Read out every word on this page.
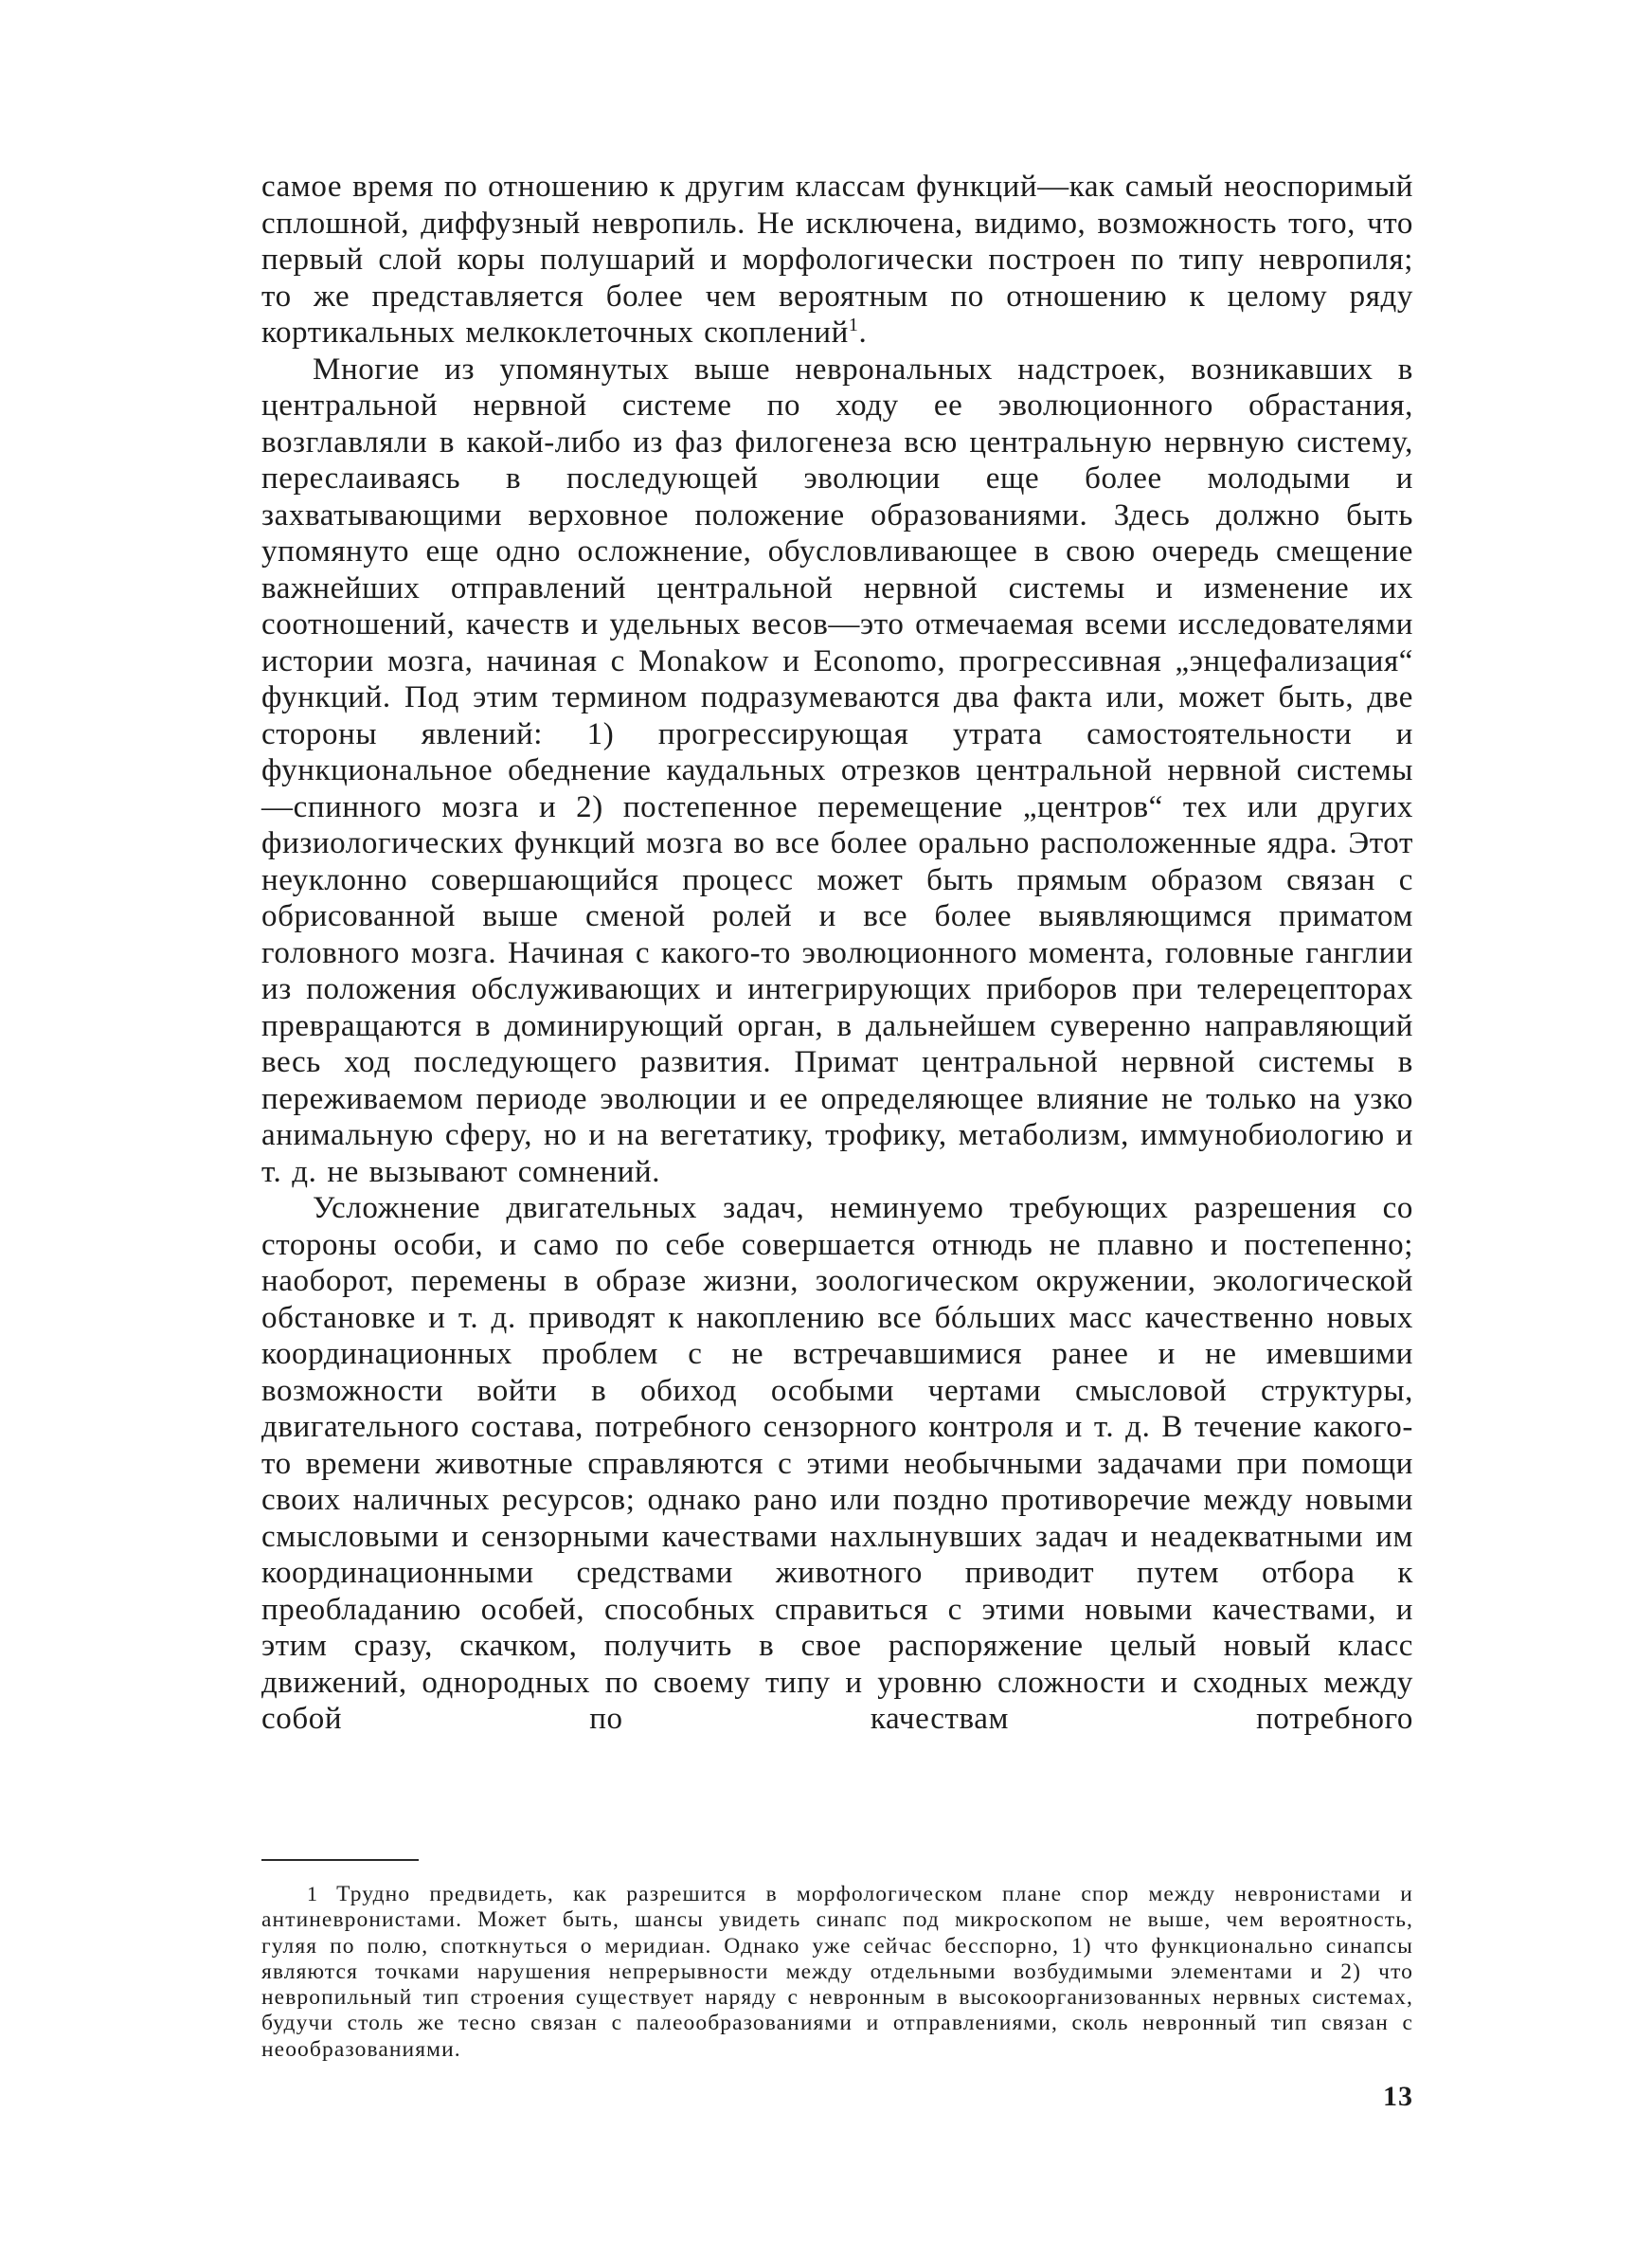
самое время по отношению к другим классам функций—как самый неоспоримый сплошной, диффузный невропиль. Не исключена, видимо, возможность того, что первый слой коры полушарий и морфологически построен по типу невропиля; то же представляется более чем вероятным по отношению к целому ряду кортикальных мелкоклеточных скоплений$^1$.

Многие из упомянутых выше неврональных надстроек, возникавших в центральной нервной системе по ходу ее эволюционного обрастания, возглавляли в какой-либо из фаз филогенеза всю центральную нервную систему, переслаиваясь в последующей эволюции еще более молодыми и захватывающими верховное положение образованиями. Здесь должно быть упомянуто еще одно осложнение, обусловливающее в свою очередь смещение важнейших отправлений центральной нервной системы и изменение их соотношений, качеств и удельных весов—это отмечаемая всеми исследователями истории мозга, начиная с Monakow и Economo, прогрессивная „энцефализация“ функций. Под этим термином подразумеваются два факта или, может быть, две стороны явлений: 1) прогрессирующая утрата самостоятельности и функциональное обеднение каудальных отрезков центральной нервной системы—спинного мозга и 2) постепенное перемещение „центров“ тех или других физиологических функций мозга во все более орально расположенные ядра. Этот неуклонно совершающийся процесс может быть прямым образом связан с обрисованной выше сменой ролей и все более выявляющимся приматом головного мозга. Начиная с какого-то эволюционного момента, головные ганглии из положения обслуживающих и интегрирующих приборов при телерецепторах превращаются в доминирующий орган, в дальнейшем суверенно направляющий весь ход последующего развития. Примат центральной нервной системы в переживаемом периоде эволюции и ее определяющее влияние не только на узко анимальную сферу, но и на вегетатику, трофику, метаболизм, иммунобиологию и т. д. не вызывают сомнений.

Усложнение двигательных задач, неминуемо требующих разрешения со стороны особи, и само по себе совершается отнюдь не плавно и постепенно; наоборот, перемены в образе жизни, зоологическом окружении, экологической обстановке и т. д. приводят к накоплению все бóльших масс качественно новых координационных проблем с не встречавшимися ранее и не имевшими возможности войти в обиход особыми чертами смысловой структуры, двигательного состава, потребного сензорного контроля и т. д. В течение какого-то времени животные справляются с этими необычными задачами при помощи своих наличных ресурсов; однако рано или поздно противоречие между новыми смысловыми и сензорными качествами нахлынувших задач и неадекватными им координационными средствами животного приводит путем отбора к преобладанию особей, способных справиться с этими новыми качествами, и этим сразу, скачком, получить в свое распоряжение целый новый класс движений, однородных по своему типу и уровню сложности и сходных между собой по качествам потребного

1 Трудно предвидеть, как разрешится в морфологическом плане спор между невронистами и антиневронистами. Может быть, шансы увидеть синапс под микроскопом не выше, чем вероятность, гуляя по полю, споткнуться о меридиан. Однако уже сейчас бесспорно, 1) что функционально синапсы являются точками нарушения непрерывности между отдельными возбудимыми элементами и 2) что невропильный тип строения существует наряду с невронным в высокоорганизованных нервных системах, будучи столь же тесно связан с палеообразованиями и отправлениями, сколь невронный тип связан с неообразованиями.

13
